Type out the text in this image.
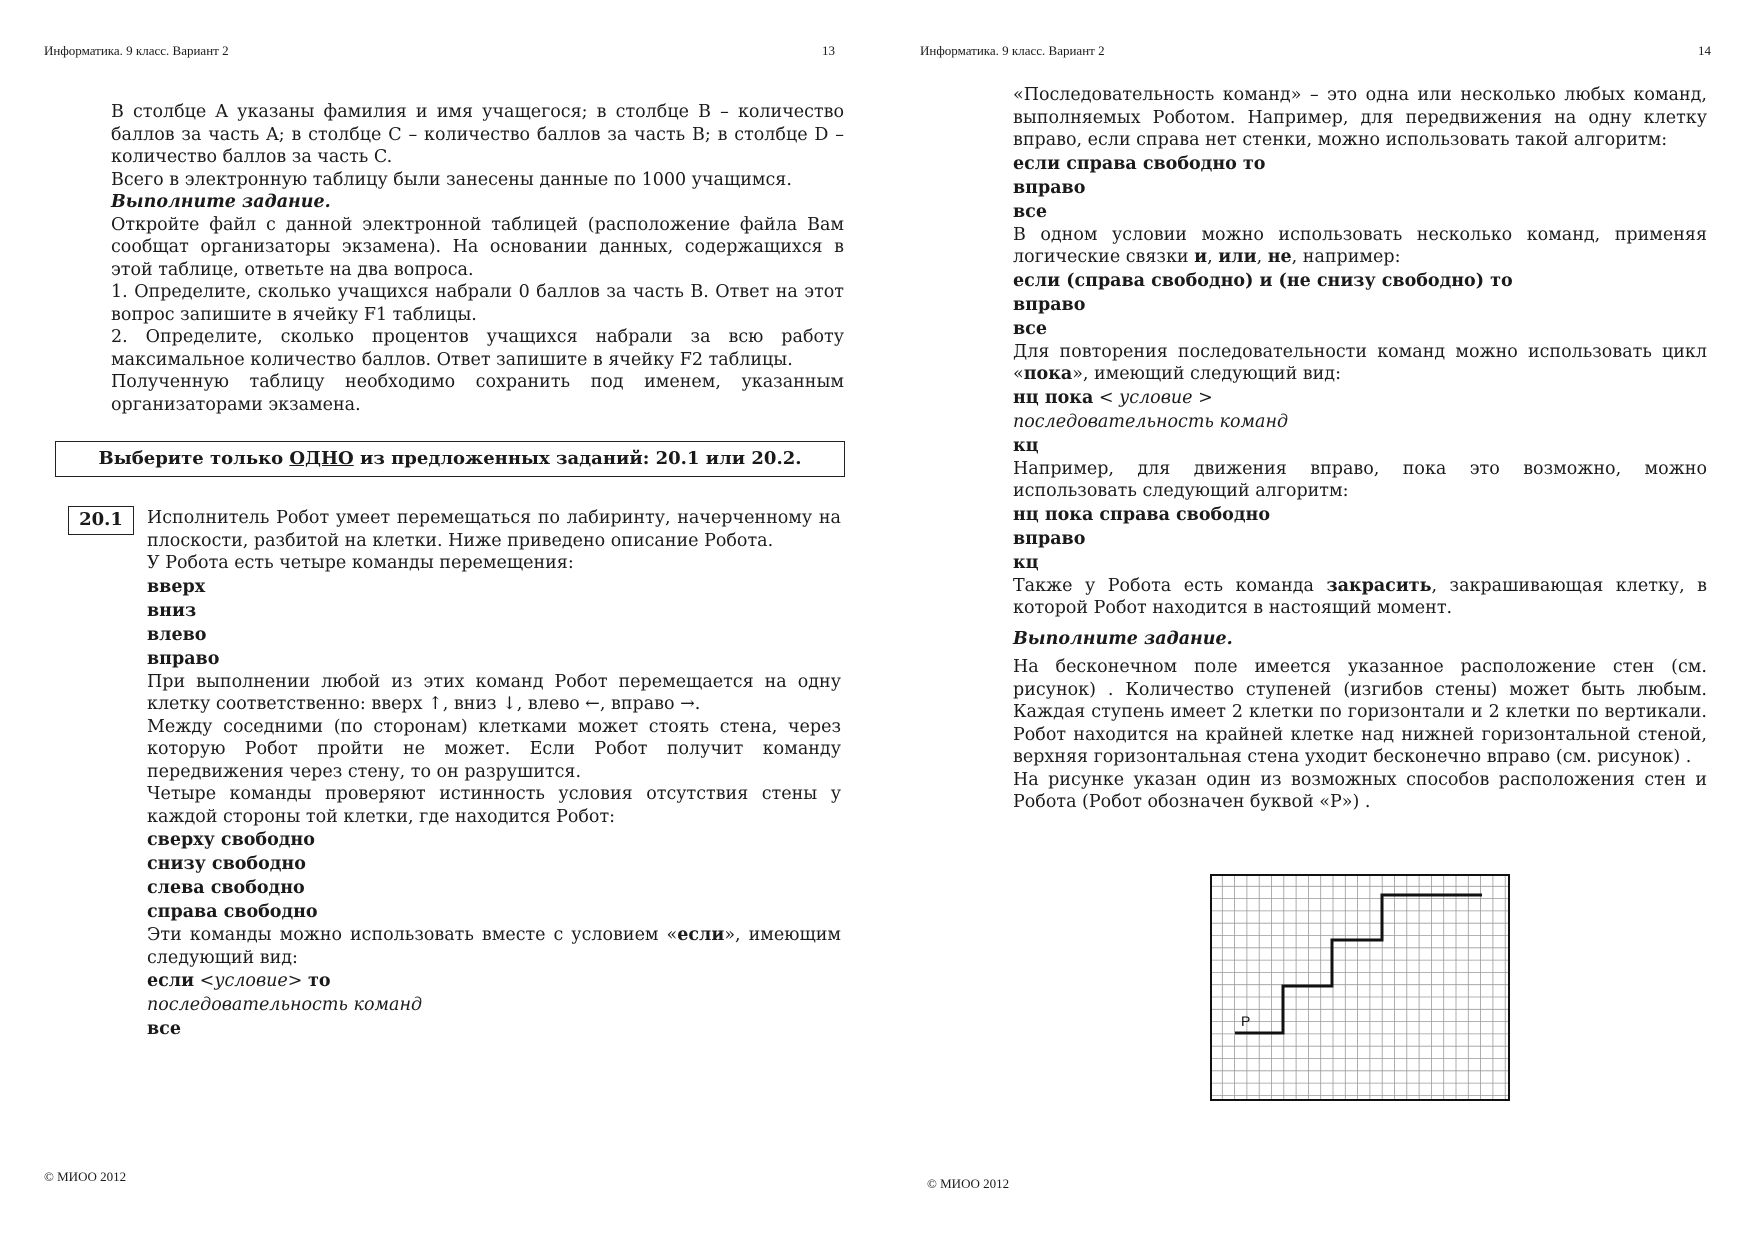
Информатика. 9 класс. Вариант 2	13

В столбце A указаны фамилия и имя учащегося; в столбце B – количество баллов за часть A; в столбце C – количество баллов за часть B; в столбце D – количество баллов за часть C.

Всего в электронную таблицу были занесены данные по 1000 учащимся.

Выполните задание.

Откройте файл с данной электронной таблицей (расположение файла Вам сообщат организаторы экзамена). На основании данных, содержащихся в этой таблице, ответьте на два вопроса.

1. Определите, сколько учащихся набрали 0 баллов за часть B. Ответ на этот вопрос запишите в ячейку F1 таблицы.

2. Определите, сколько процентов учащихся набрали за всю работу максимальное количество баллов. Ответ запишите в ячейку F2 таблицы.

Полученную таблицу необходимо сохранить под именем, указанным организаторами экзамена.

Выберите только ОДНО из предложенных заданий: 20.1 или 20.2.
20.1	Исполнитель Робот умеет перемещаться по лабиринту, начерченному на плоскости, разбитой на клетки. Ниже приведено описание Робота.

У Робота есть четыре команды перемещения:

вверх

вниз

влево

вправо

При выполнении любой из этих команд Робот перемещается на одну клетку соответственно: вверх ↑, вниз ↓, влево ←, вправо →.

Между соседними (по сторонам) клетками может стоять стена, через которую Робот пройти не может. Если Робот получит команду передвижения через стену, то он разрушится.

Четыре команды проверяют истинность условия отсутствия стены у каждой стороны той клетки, где находится Робот:

сверху свободно

снизу свободно

слева свободно

справа свободно

Эти команды можно использовать вместе с условием «если», имеющим следующий вид:

если <условие> то

последовательность команд

все

© МИОО 2012
Информатика. 9 класс. Вариант 2	14

«Последовательность команд» – это одна или несколько любых команд, выполняемых Роботом. Например, для передвижения на одну клетку вправо, если справа нет стенки, можно использовать такой алгоритм:

если справа свободно то

вправо

все

В одном условии можно использовать несколько команд, применяя логические связки и, или, не, например:

если (справа свободно) и (не снизу свободно) то

вправо

все

Для повторения последовательности команд можно использовать цикл «пока», имеющий следующий вид:

нц пока < условие >

последовательность команд

кц

Например, для движения вправо, пока это возможно, можно использовать следующий алгоритм:

нц пока справа свободно

вправо

кц

Также у Робота есть команда закрасить, закрашивающая клетку, в которой Робот находится в настоящий момент.

Выполните задание.

На бесконечном поле имеется указанное расположение стен (см. рисунок) . Количество ступеней (изгибов стены) может быть любым. Каждая ступень имеет 2 клетки по горизонтали и 2 клетки по вертикали. Робот находится на крайней клетке над нижней горизонтальной стеной, верхняя горизонтальная стена уходит бесконечно вправо (см. рисунок) .

На рисунке указан один из возможных способов расположения стен и Робота (Робот обозначен буквой «Р») .

P
© МИОО 2012
